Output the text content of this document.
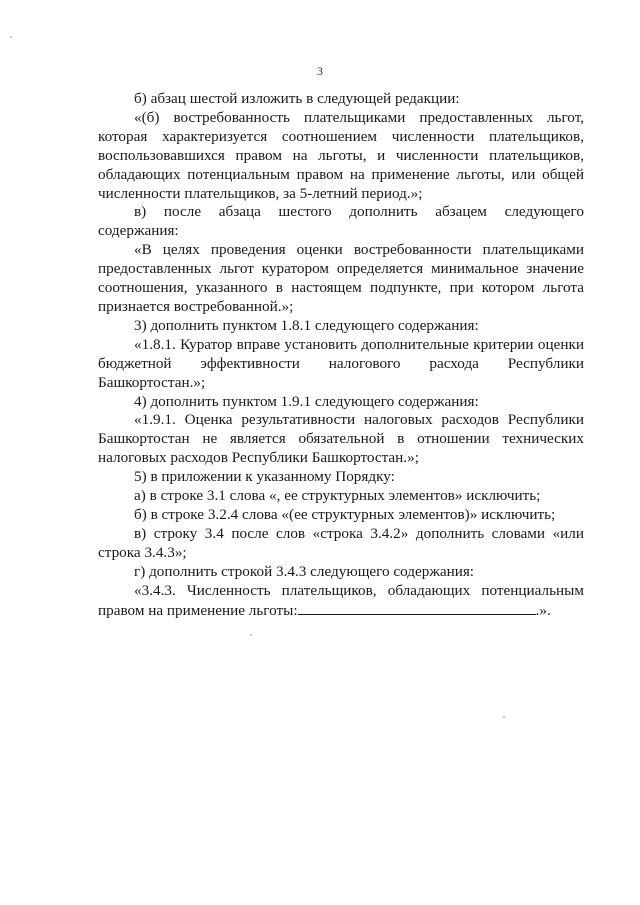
3

б) абзац шестой изложить в следующей редакции:

«(б) востребованность плательщиками предоставленных льгот, которая характеризуется соотношением численности плательщиков, воспользовавшихся правом на льготы, и численности плательщиков, обладающих потенциальным правом на применение льготы, или общей численности плательщиков, за 5-летний период.»;

в) после абзаца шестого дополнить абзацем следующего содержания:

«В целях проведения оценки востребованности плательщиками предоставленных льгот куратором определяется минимальное значение соотношения, указанного в настоящем подпункте, при котором льгота признается востребованной.»;

3) дополнить пунктом 1.8.1 следующего содержания:

«1.8.1. Куратор вправе установить дополнительные критерии оценки бюджетной эффективности налогового расхода Республики Башкортостан.»;

4) дополнить пунктом 1.9.1 следующего содержания:

«1.9.1. Оценка результативности налоговых расходов Республики Башкортостан не является обязательной в отношении технических налоговых расходов Республики Башкортостан.»;

5) в приложении к указанному Порядку:

а) в строке 3.1 слова «, ее структурных элементов» исключить;

б) в строке 3.2.4 слова «(ее структурных элементов)» исключить;

в) строку 3.4 после слов «строка 3.4.2» дополнить словами «или строка 3.4.3»;

г) дополнить строкой 3.4.3 следующего содержания:

«3.4.3. Численность плательщиков, обладающих потенциальным правом на применение льготы:	.».
